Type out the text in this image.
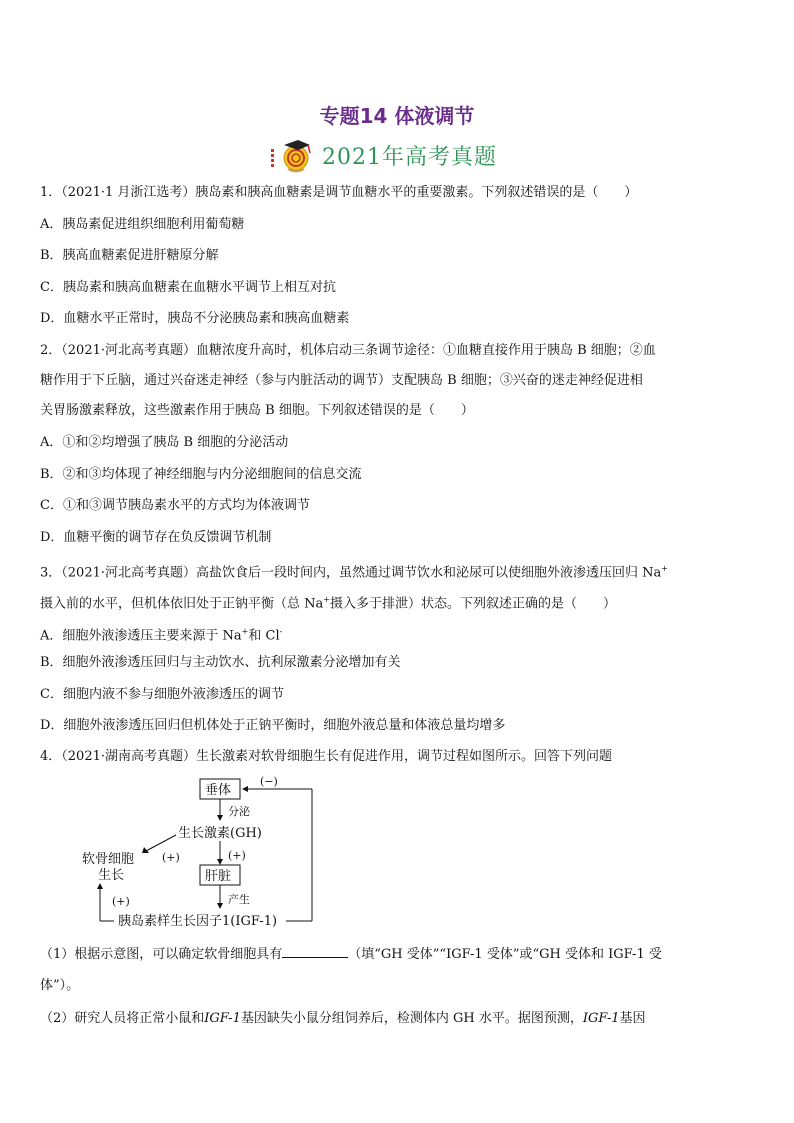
专题14 体液调节
2021年高考真题
1．（2021·1 月浙江选考）胰岛素和胰高血糖素是调节血糖水平的重要激素。下列叙述错误的是（　　）
A．胰岛素促进组织细胞利用葡萄糖
B．胰高血糖素促进肝糖原分解
C．胰岛素和胰高血糖素在血糖水平调节上相互对抗
D．血糖水平正常时，胰岛不分泌胰岛素和胰高血糖素
2．（2021·河北高考真题）血糖浓度升高时，机体启动三条调节途径：①血糖直接作用于胰岛 B 细胞；②血
糖作用于下丘脑，通过兴奋迷走神经（参与内脏活动的调节）支配胰岛 B 细胞；③兴奋的迷走神经促进相
关胃肠激素释放，这些激素作用于胰岛 B 细胞。下列叙述错误的是（　　）
A．①和②均增强了胰岛 B 细胞的分泌活动
B．②和③均体现了神经细胞与内分泌细胞间的信息交流
C．①和③调节胰岛素水平的方式均为体液调节
D．血糖平衡的调节存在负反馈调节机制
3．（2021·河北高考真题）高盐饮食后一段时间内，虽然通过调节饮水和泌尿可以使细胞外液渗透压回归 Na+
摄入前的水平，但机体依旧处于正钠平衡（总 Na+摄入多于排泄）状态。下列叙述正确的是（　　）
A．细胞外液渗透压主要来源于 Na+和 Cl-
B．细胞外液渗透压回归与主动饮水、抗利尿激素分泌增加有关
C．细胞内液不参与细胞外液渗透压的调节
D．细胞外液渗透压回归但机体处于正钠平衡时，细胞外液总量和体液总量均增多
4．（2021·湖南高考真题）生长激素对软骨细胞生长有促进作用，调节过程如图所示。回答下列问题
垂体
(−)
分泌
生长激素(GH)
(+)
软骨细胞
生长
(+)
肝脏
产生
胰岛素样生长因子1(IGF-1)
(+)
（1）根据示意图，可以确定软骨细胞具有	（填“GH 受体”“IGF-1 受体”或“GH 受体和 IGF-1 受
体”）。
（2）研究人员将正常小鼠和IGF-1基因缺失小鼠分组饲养后，检测体内 GH 水平。据图预测，IGF-1基因
